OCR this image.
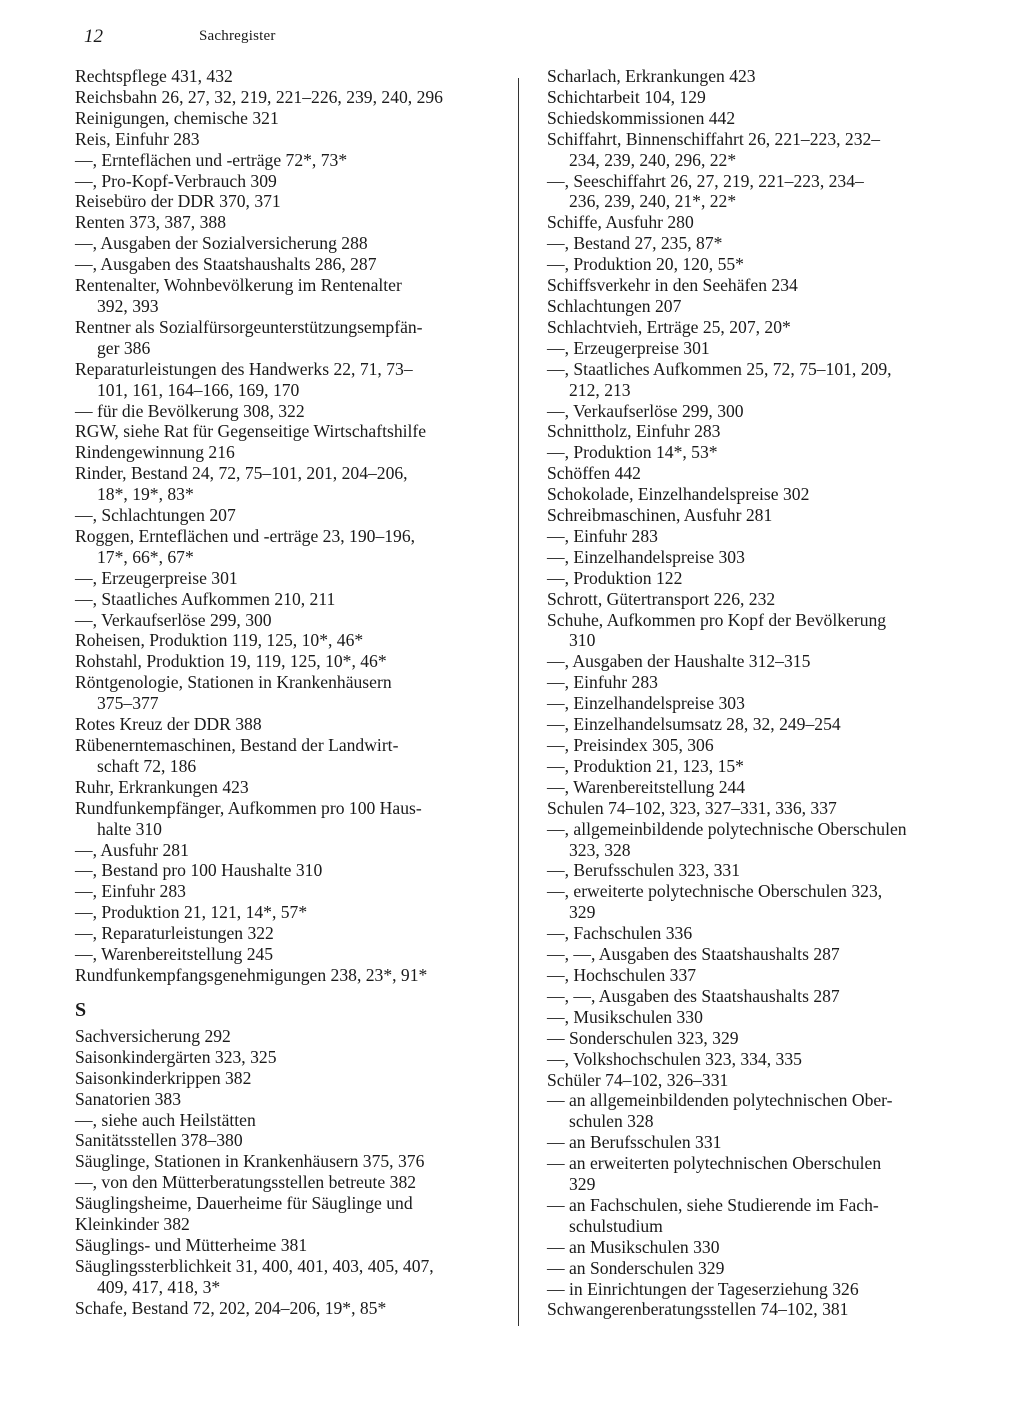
12	Sachregister
Rechtspflege 431, 432
Reichsbahn 26, 27, 32, 219, 221–226, 239, 240, 296
Reinigungen, chemische 321
Reis, Einfuhr 283
—, Ernteflächen und -erträge 72*, 73*
—, Pro-Kopf-Verbrauch 309
Reisebüro der DDR 370, 371
Renten 373, 387, 388
—, Ausgaben der Sozialversicherung 288
—, Ausgaben des Staatshaushalts 286, 287
Rentenalter, Wohnbevölkerung im Rentenalter
392, 393
Rentner als Sozialfürsorgeunterstützungsempfän-
ger 386
Reparaturleistungen des Handwerks 22, 71, 73–
101, 161, 164–166, 169, 170
— für die Bevölkerung 308, 322
RGW, siehe Rat für Gegenseitige Wirtschaftshilfe
Rindengewinnung 216
Rinder, Bestand 24, 72, 75–101, 201, 204–206,
18*, 19*, 83*
—, Schlachtungen 207
Roggen, Ernteflächen und -erträge 23, 190–196,
17*, 66*, 67*
—, Erzeugerpreise 301
—, Staatliches Aufkommen 210, 211
—, Verkaufserlöse 299, 300
Roheisen, Produktion 119, 125, 10*, 46*
Rohstahl, Produktion 19, 119, 125, 10*, 46*
Röntgenologie, Stationen in Krankenhäusern
375–377
Rotes Kreuz der DDR 388
Rübenerntemaschinen, Bestand der Landwirt-
schaft 72, 186
Ruhr, Erkrankungen 423
Rundfunkempfänger, Aufkommen pro 100 Haus-
halte 310
—, Ausfuhr 281
—, Bestand pro 100 Haushalte 310
—, Einfuhr 283
—, Produktion 21, 121, 14*, 57*
—, Reparaturleistungen 322
—, Warenbereitstellung 245
Rundfunkempfangsgenehmigungen 238, 23*, 91*
S
Sachversicherung 292
Saisonkindergärten 323, 325
Saisonkinderkrippen 382
Sanatorien 383
—, siehe auch Heilstätten
Sanitätsstellen 378–380
Säuglinge, Stationen in Krankenhäusern 375, 376
—, von den Mütterberatungsstellen betreute 382
Säuglingsheime, Dauerheime für Säuglinge und
Kleinkinder 382
Säuglings- und Mütterheime 381
Säuglingssterblichkeit 31, 400, 401, 403, 405, 407,
409, 417, 418, 3*
Schafe, Bestand 72, 202, 204–206, 19*, 85*
Scharlach, Erkrankungen 423
Schichtarbeit 104, 129
Schiedskommissionen 442
Schiffahrt, Binnenschiffahrt 26, 221–223, 232–
234, 239, 240, 296, 22*
—, Seeschiffahrt 26, 27, 219, 221–223, 234–
236, 239, 240, 21*, 22*
Schiffe, Ausfuhr 280
—, Bestand 27, 235, 87*
—, Produktion 20, 120, 55*
Schiffsverkehr in den Seehäfen 234
Schlachtungen 207
Schlachtvieh, Erträge 25, 207, 20*
—, Erzeugerpreise 301
—, Staatliches Aufkommen 25, 72, 75–101, 209,
212, 213
—, Verkaufserlöse 299, 300
Schnittholz, Einfuhr 283
—, Produktion 14*, 53*
Schöffen 442
Schokolade, Einzelhandelspreise 302
Schreibmaschinen, Ausfuhr 281
—, Einfuhr 283
—, Einzelhandelspreise 303
—, Produktion 122
Schrott, Gütertransport 226, 232
Schuhe, Aufkommen pro Kopf der Bevölkerung
310
—, Ausgaben der Haushalte 312–315
—, Einfuhr 283
—, Einzelhandelspreise 303
—, Einzelhandelsumsatz 28, 32, 249–254
—, Preisindex 305, 306
—, Produktion 21, 123, 15*
—, Warenbereitstellung 244
Schulen 74–102, 323, 327–331, 336, 337
—, allgemeinbildende polytechnische Oberschulen
323, 328
—, Berufsschulen 323, 331
—, erweiterte polytechnische Oberschulen 323,
329
—, Fachschulen 336
—, —, Ausgaben des Staatshaushalts 287
—, Hochschulen 337
—, —, Ausgaben des Staatshaushalts 287
—, Musikschulen 330
— Sonderschulen 323, 329
—, Volkshochschulen 323, 334, 335
Schüler 74–102, 326–331
— an allgemeinbildenden polytechnischen Ober-
schulen 328
— an Berufsschulen 331
— an erweiterten polytechnischen Oberschulen
329
— an Fachschulen, siehe Studierende im Fach-
schulstudium
— an Musikschulen 330
— an Sonderschulen 329
— in Einrichtungen der Tageserziehung 326
Schwangerenberatungsstellen 74–102, 381
